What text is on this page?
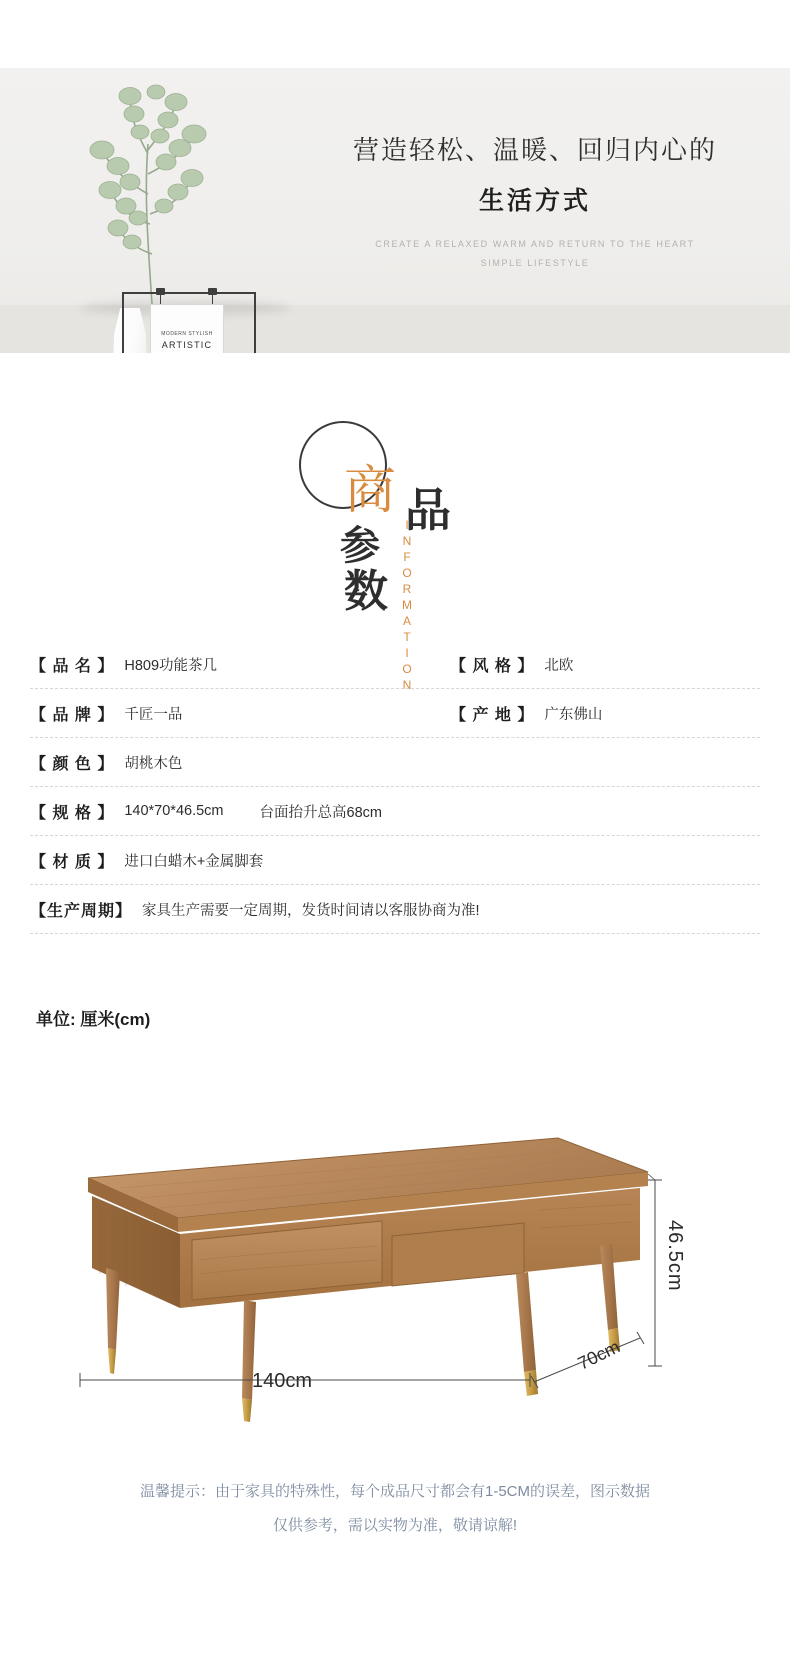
MODERN STYLISH
ARTISTIC
营造轻松、温暖、回归内心的
生活方式
CREATE A RELAXED WARM AND RETURN TO THE HEART
SIMPLE LIFESTYLE
商 品
参
数 INFORMATION
【 品 名 】 H809功能茶几	【 风 格 】 北欧
【 品 牌 】 千匠一品	【 产 地 】 广东佛山
【 颜 色 】 胡桃木色
【 规 格 】 140*70*46.5cm 台面抬升总高68cm
【 材 质 】 进口白蜡木+金属脚套
【生产周期】 家具生产需要一定周期，发货时间请以客服协商为准!
单位: 厘米(cm)
46.5cm
140cm
70cm
温馨提示：由于家具的特殊性，每个成品尺寸都会有1-5CM的误差，图示数据
仅供参考，需以实物为准，敬请谅解!
